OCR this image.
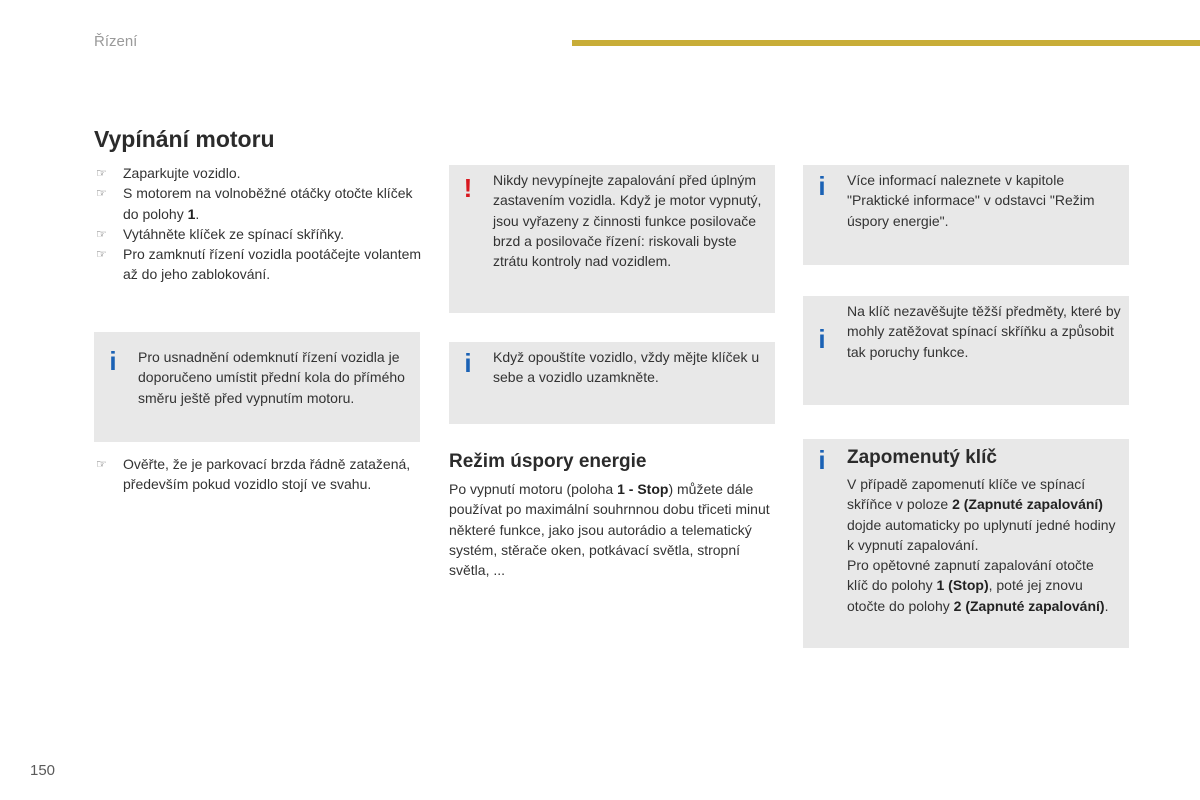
Řízení
Vypínání motoru
☞ Zaparkujte vozidlo.
☞ S motorem na volnoběžné otáčky otočte klíček do polohy 1.
☞ Vytáhněte klíček ze spínací skříňky.
☞ Pro zamknutí řízení vozidla pootáčejte volantem až do jeho zablokování.
i Pro usnadnění odemknutí řízení vozidla je doporučeno umístit přední kola do přímého směru ještě před vypnutím motoru.
☞ Ověřte, že je parkovací brzda řádně zatažená, především pokud vozidlo stojí ve svahu.
! Nikdy nevypínejte zapalování před úplným zastavením vozidla. Když je motor vypnutý, jsou vyřazeny z činnosti funkce posilovače brzd a posilovače řízení: riskovali byste ztrátu kontroly nad vozidlem.
i Když opouštíte vozidlo, vždy mějte klíček u sebe a vozidlo uzamkněte.
Režim úspory energie
Po vypnutí motoru (poloha 1 - Stop) můžete dále používat po maximální souhrnnou dobu třiceti minut některé funkce, jako jsou autorádio a telematický systém, stěrače oken, potkávací světla, stropní světla, ...
i Více informací naleznete v kapitole "Praktické informace" v odstavci "Režim úspory energie".
i
Na klíč nezavěšujte těžší předměty, které by mohly zatěžovat spínací skříňku a způsobit tak poruchy funkce.
i Zapomenutý klíč
V případě zapomenutí klíče ve spínací skříňce v poloze 2 (Zapnuté zapalování) dojde automaticky po uplynutí jedné hodiny k vypnutí zapalování.
Pro opětovné zapnutí zapalování otočte klíč do polohy 1 (Stop), poté jej znovu otočte do polohy 2 (Zapnuté zapalování).
150
